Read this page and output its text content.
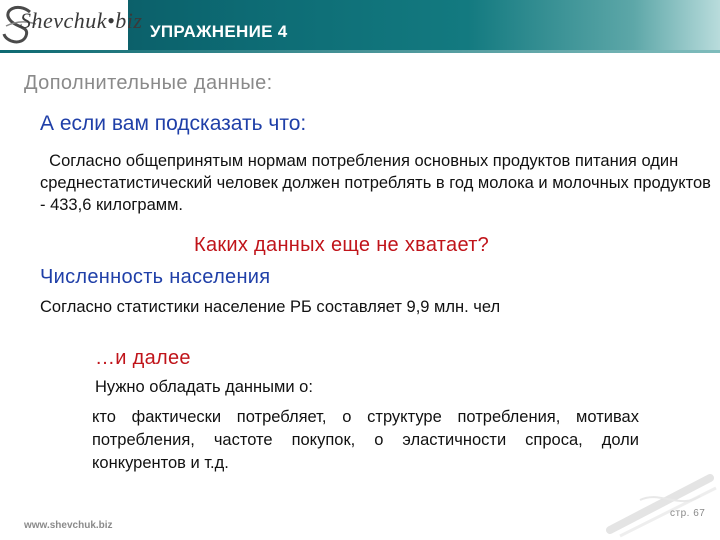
Shevchuk•biz УПРАЖНЕНИЕ 4

Дополнительные данные:

А если вам подсказать что:

Согласно общепринятым нормам потребления основных продуктов питания один среднестатистический человек должен потреблять в год молока и молочных продуктов - 433,6 килограмм.

Каких данных еще не хватает?

Численность населения

Согласно статистики население РБ составляет 9,9 млн. чел

…и далее

Нужно обладать данными о:

кто фактически потребляет, о структуре потребления, мотивах потребления, частоте покупок, о эластичности спроса, доли конкурентов и т.д.

www.shevchuk.biz
стр. 67
